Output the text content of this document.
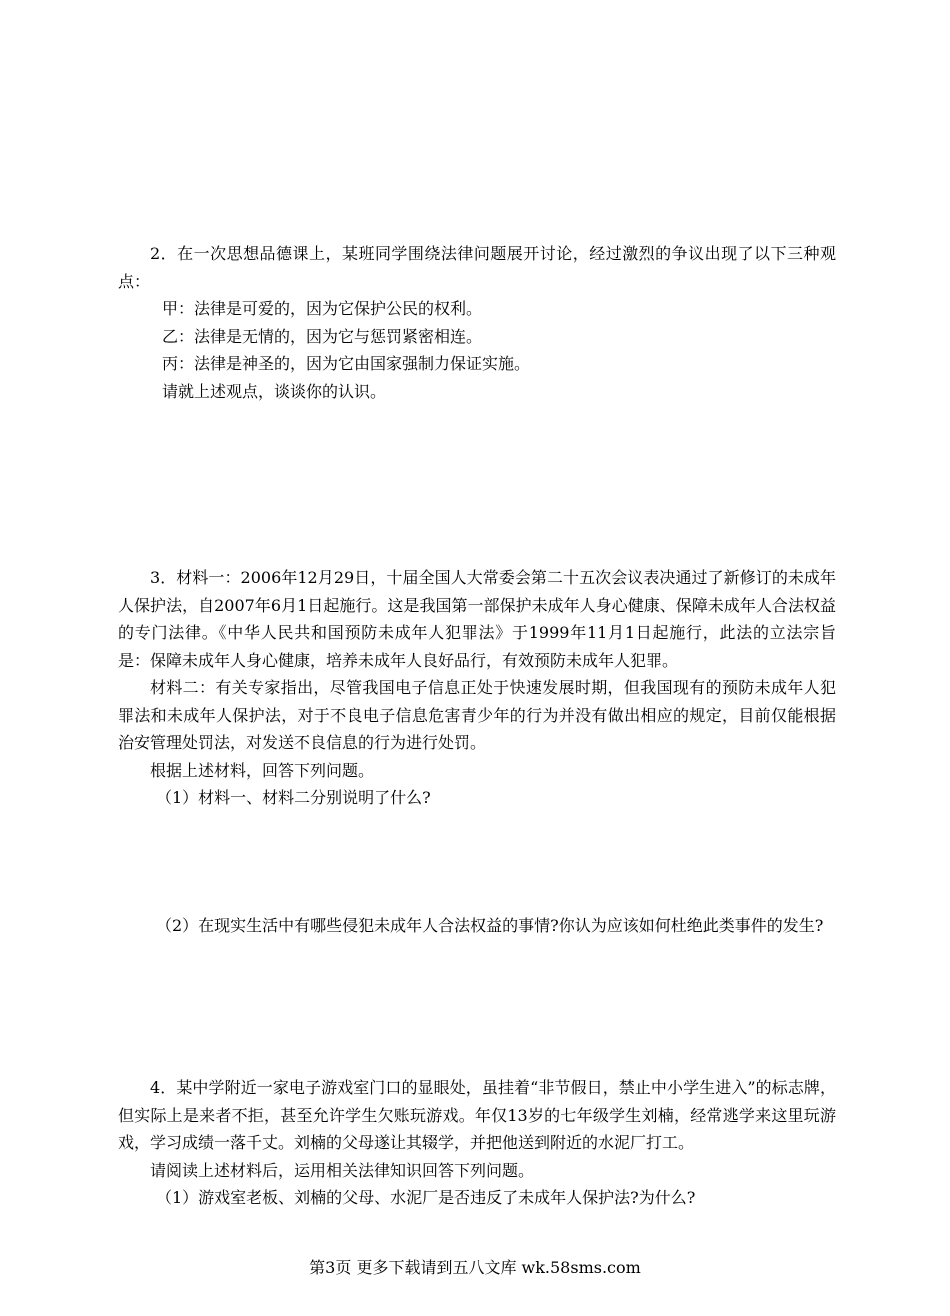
2．在一次思想品德课上，某班同学围绕法律问题展开讨论，经过激烈的争议出现了以下三种观点：

甲：法律是可爱的，因为它保护公民的权利。

乙：法律是无情的，因为它与惩罚紧密相连。

丙：法律是神圣的，因为它由国家强制力保证实施。

请就上述观点，谈谈你的认识。

3．材料一：2006年12月29日，十届全国人大常委会第二十五次会议表决通过了新修订的未成年人保护法，自2007年6月1日起施行。这是我国第一部保护未成年人身心健康、保障未成年人合法权益的专门法律。《中华人民共和国预防未成年人犯罪法》于1999年11月1日起施行，此法的立法宗旨是：保障未成年人身心健康，培养未成年人良好品行，有效预防未成年人犯罪。

材料二：有关专家指出，尽管我国电子信息正处于快速发展时期，但我国现有的预防未成年人犯罪法和未成年人保护法，对于不良电子信息危害青少年的行为并没有做出相应的规定，目前仅能根据治安管理处罚法，对发送不良信息的行为进行处罚。

根据上述材料，回答下列问题。

（1）材料一、材料二分别说明了什么?

（2）在现实生活中有哪些侵犯未成年人合法权益的事情?你认为应该如何杜绝此类事件的发生?

4．某中学附近一家电子游戏室门口的显眼处，虽挂着“非节假日，禁止中小学生进入”的标志牌，但实际上是来者不拒，甚至允许学生欠账玩游戏。年仅13岁的七年级学生刘楠，经常逃学来这里玩游戏，学习成绩一落千丈。刘楠的父母遂让其辍学，并把他送到附近的水泥厂打工。

请阅读上述材料后，运用相关法律知识回答下列问题。

（1）游戏室老板、刘楠的父母、水泥厂是否违反了未成年人保护法?为什么?

第3页 更多下载请到五八文库 wk.58sms.com
